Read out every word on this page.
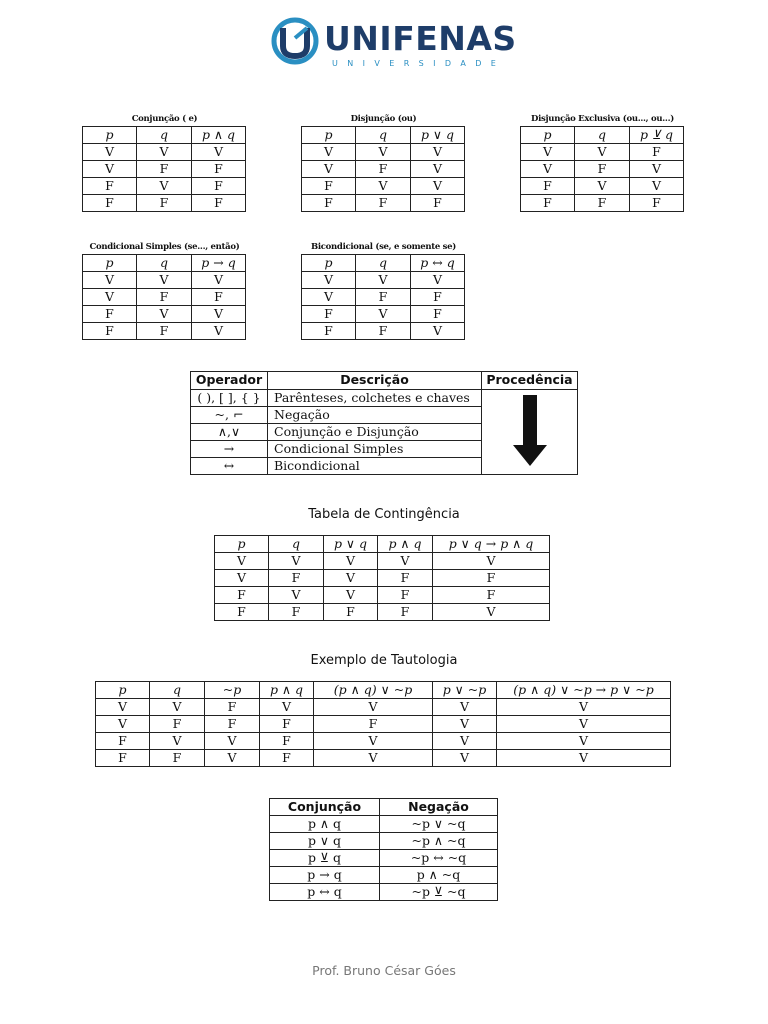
UNIFENAS
UNIVERSIDADE
Conjunção ( e)	Disjunção (ou)	Disjunção Exclusiva (ou..., ou...)
p	q	p ∧ q
V	V	V
V	F	F
F	V	F
F	F	F
p	q	p ∨ q
V	V	V
V	F	V
F	V	V
F	F	F
p	q	p ⊻ q
V	V	F
V	F	V
F	V	V
F	F	F
Condicional Simples (se..., então)	Bicondicional (se, e somente se)
p	q	p → q
V	V	V
V	F	F
F	V	V
F	F	V
p	q	p ↔ q
V	V	V
V	F	F
F	V	F
F	F	V
Operador	Descrição	Procedência
( ), [ ], { }	Parênteses, colchetes e chaves	
~, ⌐	Negação	
∧,∨	Conjunção e Disjunção	
→	Condicional Simples	
↔	Bicondicional	
Tabela de Contingência
p	q	p ∨ q	p ∧ q	p ∨ q → p ∧ q
V	V	V	V	V
V	F	V	F	F
F	V	V	F	F
F	F	F	F	V
Exemplo de Tautologia
p	q	~p	p ∧ q	(p ∧ q) ∨ ~p	p ∨ ~p	(p ∧ q) ∨ ~p → p ∨ ~p
V	V	F	V	V	V	V
V	F	F	F	F	V	V
F	V	V	F	V	V	V
F	F	V	F	V	V	V
Conjunção	Negação
p ∧ q	~p ∨ ~q
p ∨ q	~p ∧ ~q
p ⊻ q	~p ↔ ~q
p → q	p ∧ ~q
p ↔ q	~p ⊻ ~q
Prof. Bruno César Góes
